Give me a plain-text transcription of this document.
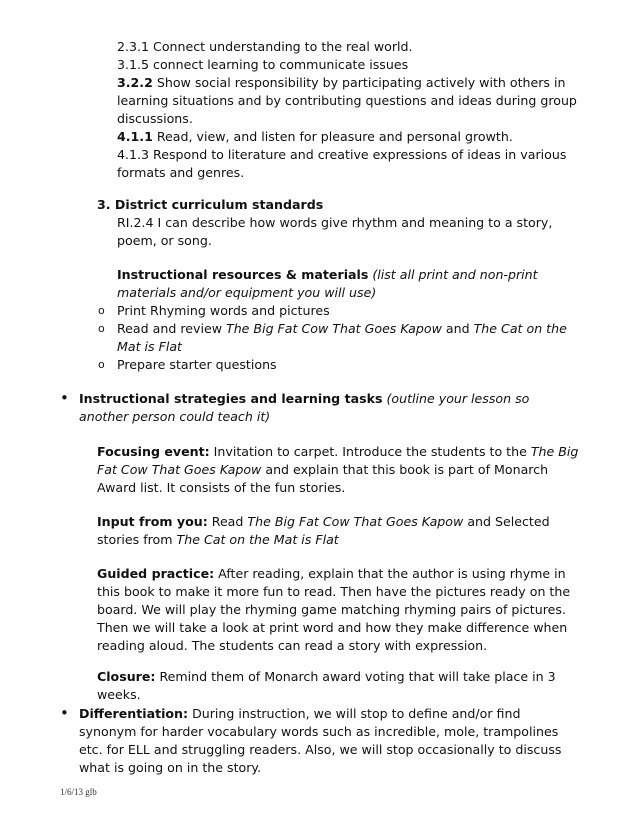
2.3.1 Connect understanding to the real world.

3.1.5 connect learning to communicate issues

3.2.2 Show social responsibility by participating actively with others in learning situations and by contributing questions and ideas during group discussions.

4.1.1 Read, view, and listen for pleasure and personal growth.

4.1.3 Respond to literature and creative expressions of ideas in various formats and genres.

3. District curriculum standards
RI.2.4 I can describe how words give rhythm and meaning to a story, poem, or song.
Instructional resources & materials (list all print and non-print materials and/or equipment you will use)
o Print Rhyming words and pictures
o Read and review The Big Fat Cow That Goes Kapow and The Cat on the Mat is Flat
o Prepare starter questions
• Instructional strategies and learning tasks (outline your lesson so another person could teach it)
Focusing event: Invitation to carpet. Introduce the students to the The Big Fat Cow That Goes Kapow and explain that this book is part of Monarch Award list. It consists of the fun stories.
Input from you: Read The Big Fat Cow That Goes Kapow and Selected stories from The Cat on the Mat is Flat
Guided practice: After reading, explain that the author is using rhyme in this book to make it more fun to read. Then have the pictures ready on the board. We will play the rhyming game matching rhyming pairs of pictures. Then we will take a look at print word and how they make difference when reading aloud. The students can read a story with expression.
Closure: Remind them of Monarch award voting that will take place in 3 weeks.
• Differentiation: During instruction, we will stop to define and/or find synonym for harder vocabulary words such as incredible, mole, trampolines etc. for ELL and struggling readers. Also, we will stop occasionally to discuss what is going on in the story.
1/6/13 glb
